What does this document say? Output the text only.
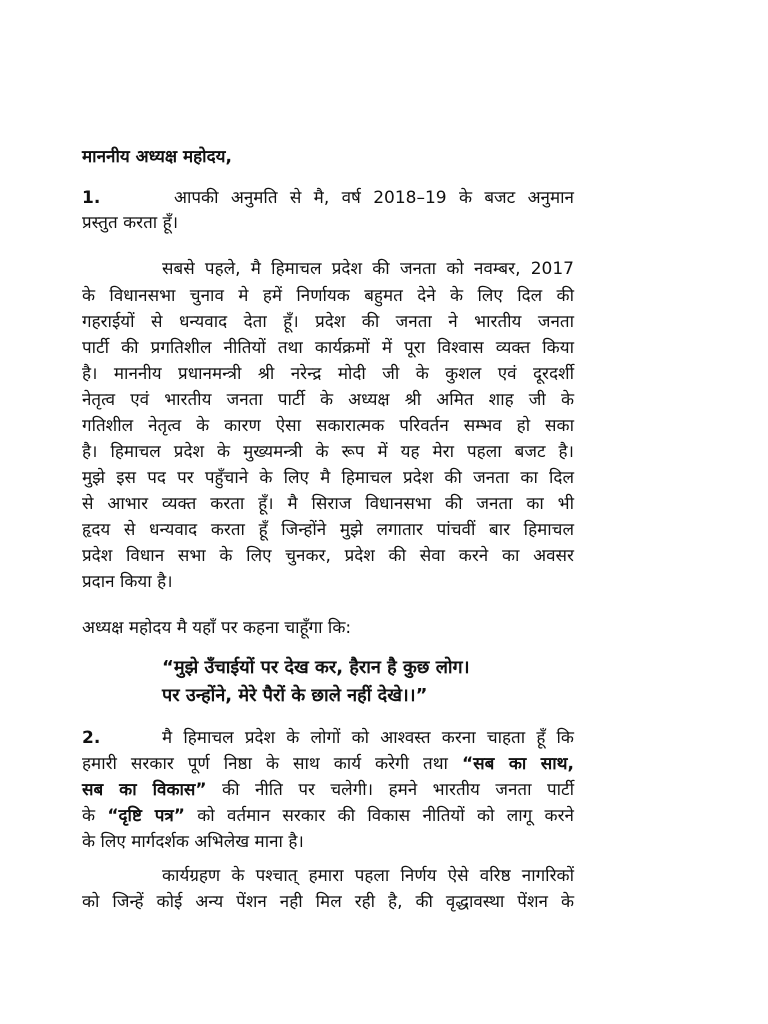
माननीय अध्यक्ष महोदय,
1.	आपकी अनुमति से मै, वर्ष 2018–19 के बजट अनुमान
प्रस्तुत करता हूँ।
सबसे पहले, मै हिमाचल प्रदेश की जनता को नवम्बर, 2017
के विधानसभा चुनाव मे हमें निर्णायक बहुमत देने के लिए दिल की
गहराईयों से धन्यवाद देता हूँ। प्रदेश की जनता ने भारतीय जनता
पार्टी की प्रगतिशील नीतियों तथा कार्यक्रमों में पूरा विश्वास व्यक्त किया
है। माननीय प्रधानमन्त्री श्री नरेन्द्र मोदी जी के कुशल एवं दूरदर्शी
नेतृत्व एवं भारतीय जनता पार्टी के अध्यक्ष श्री अमित शाह जी के
गतिशील नेतृत्व के कारण ऐसा सकारात्मक परिवर्तन सम्भव हो सका
है। हिमाचल प्रदेश के मुख्यमन्त्री के रूप में यह मेरा पहला बजट है।
मुझे इस पद पर पहुँचाने के लिए मै हिमाचल प्रदेश की जनता का दिल
से आभार व्यक्त करता हूँ। मै सिराज विधानसभा की जनता का भी
हृदय से धन्यवाद करता हूँ जिन्होंने मुझे लगातार पांचवीं बार हिमाचल
प्रदेश विधान सभा के लिए चुनकर, प्रदेश की सेवा करने का अवसर
प्रदान किया है।
अध्यक्ष महोदय मै यहाँ पर कहना चाहूँगा कि:
“मुझे उँचाईयों पर देख कर, हैरान है कुछ लोग।
पर उन्होंने, मेरे पैरों के छाले नहीं देखे।।”
2.	मै हिमाचल प्रदेश के लोगों को आश्वस्त करना चाहता हूँ कि
हमारी सरकार पूर्ण निष्ठा के साथ कार्य करेगी तथा “सब का साथ,
सब का विकास” की नीति पर चलेगी। हमने भारतीय जनता पार्टी
के “दृष्टि पत्र” को वर्तमान सरकार की विकास नीतियों को लागू करने
के लिए मार्गदर्शक अभिलेख माना है।
कार्यग्रहण के पश्चात् हमारा पहला निर्णय ऐसे वरिष्ठ नागरिकों
को जिन्हें कोई अन्य पेंशन नही मिल रही है, की वृद्धावस्था पेंशन के
